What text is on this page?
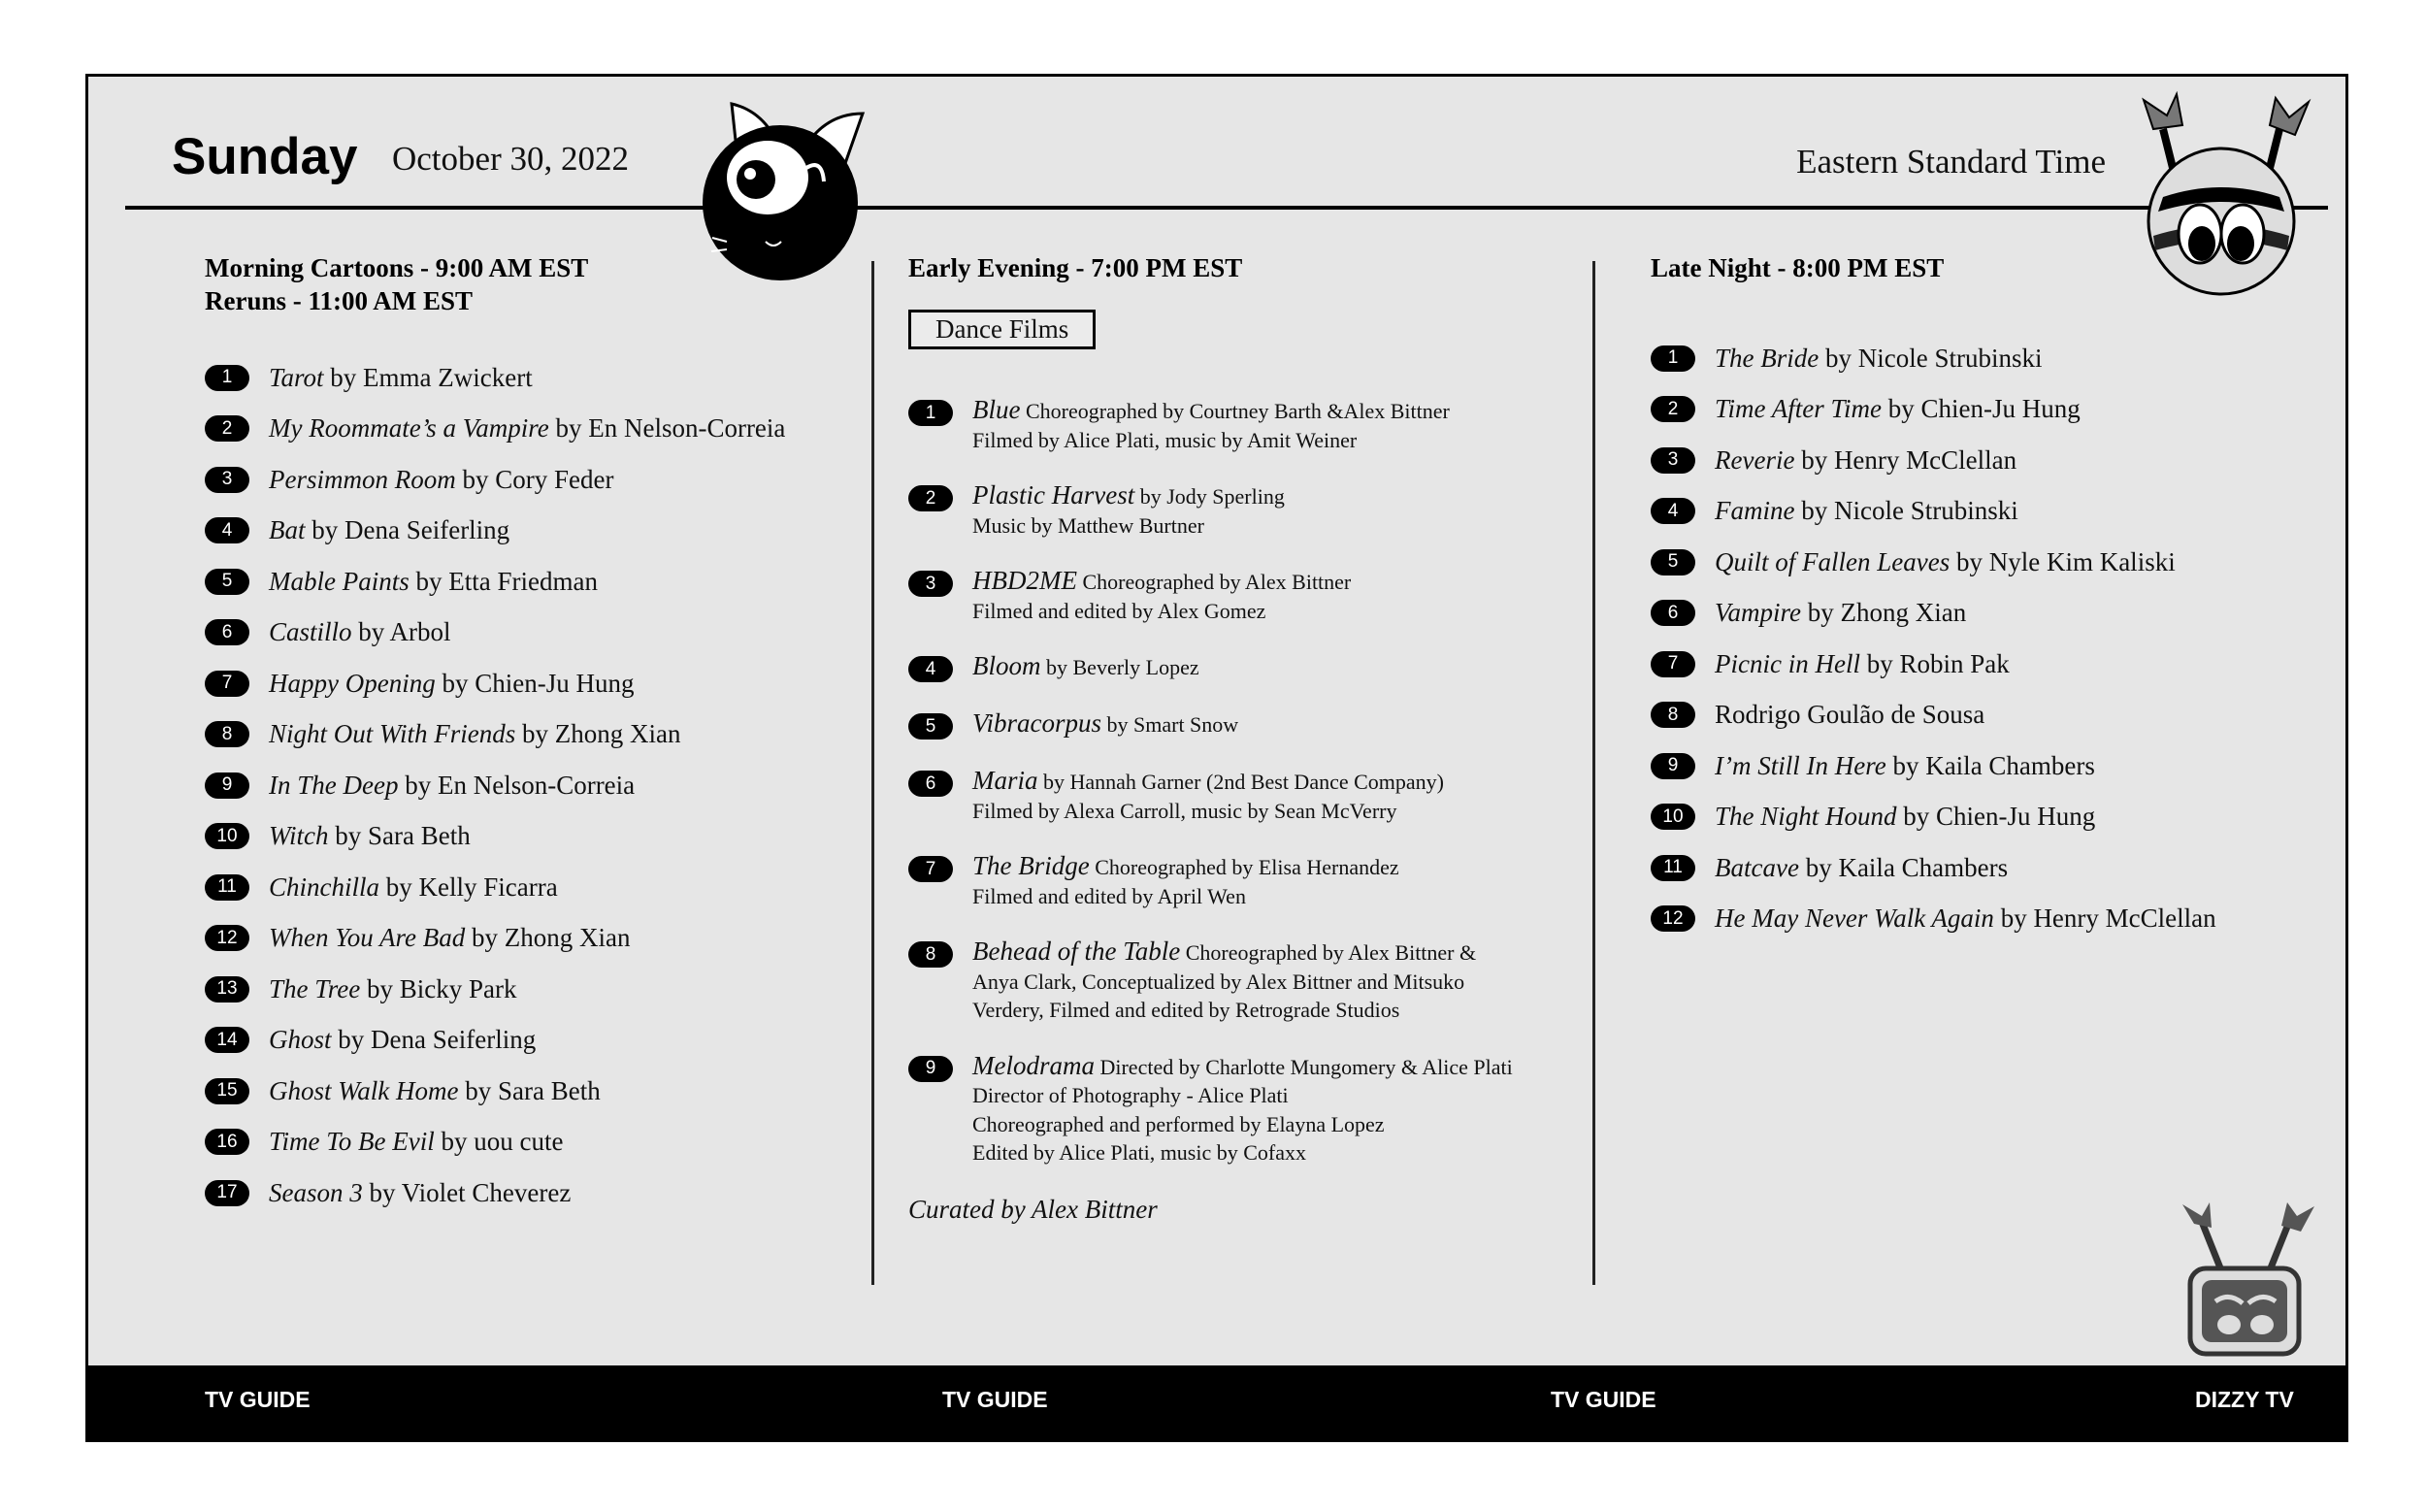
Sunday October 30, 2022	Eastern Standard Time
Morning Cartoons - 9:00 AM EST
Reruns - 11:00 AM EST
1	Tarot by Emma Zwickert
2	My Roommate’s a Vampire by En Nelson-Correia
3	Persimmon Room by Cory Feder
4	Bat by Dena Seiferling
5	Mable Paints by Etta Friedman
6	Castillo by Arbol
7	Happy Opening by Chien-Ju Hung
8	Night Out With Friends by Zhong Xian
9	In The Deep by En Nelson-Correia
10	Witch by Sara Beth
11	Chinchilla by Kelly Ficarra
12	When You Are Bad by Zhong Xian
13	The Tree by Bicky Park
14	Ghost by Dena Seiferling
15	Ghost Walk Home by Sara Beth
16	Time To Be Evil by uou cute
17	Season 3 by Violet Cheverez
Early Evening - 7:00 PM EST
Dance Films
1	Blue Choreographed by Courtney Barth &Alex Bittner
Filmed by Alice Plati, music by Amit Weiner
2	Plastic Harvest by Jody Sperling
Music by Matthew Burtner
3	HBD2ME Choreographed by Alex Bittner
Filmed and edited by Alex Gomez
4	Bloom by Beverly Lopez
5	Vibracorpus by Smart Snow
6	Maria by Hannah Garner (2nd Best Dance Company)
Filmed by Alexa Carroll, music by Sean McVerry
7	The Bridge Choreographed by Elisa Hernandez
Filmed and edited by April Wen
8	Behead of the Table Choreographed by Alex Bittner &
Anya Clark, Conceptualized by Alex Bittner and Mitsuko
Verdery, Filmed and edited by Retrograde Studios
9	Melodrama Directed by Charlotte Mungomery & Alice Plati
Director of Photography - Alice Plati
Choreographed and performed by Elayna Lopez
Edited by Alice Plati, music by Cofaxx
Curated by Alex Bittner
Late Night - 8:00 PM EST
1	The Bride by Nicole Strubinski
2	Time After Time by Chien-Ju Hung
3	Reverie by Henry McClellan
4	Famine by Nicole Strubinski
5	Quilt of Fallen Leaves by Nyle Kim Kaliski
6	Vampire by Zhong Xian
7	Picnic in Hell by Robin Pak
8	Rodrigo Goulão de Sousa
9	I’m Still In Here by Kaila Chambers
10	The Night Hound by Chien-Ju Hung
11	Batcave by Kaila Chambers
12	He May Never Walk Again by Henry McClellan
TV GUIDE	TV GUIDE	TV GUIDE	DIZZY TV
